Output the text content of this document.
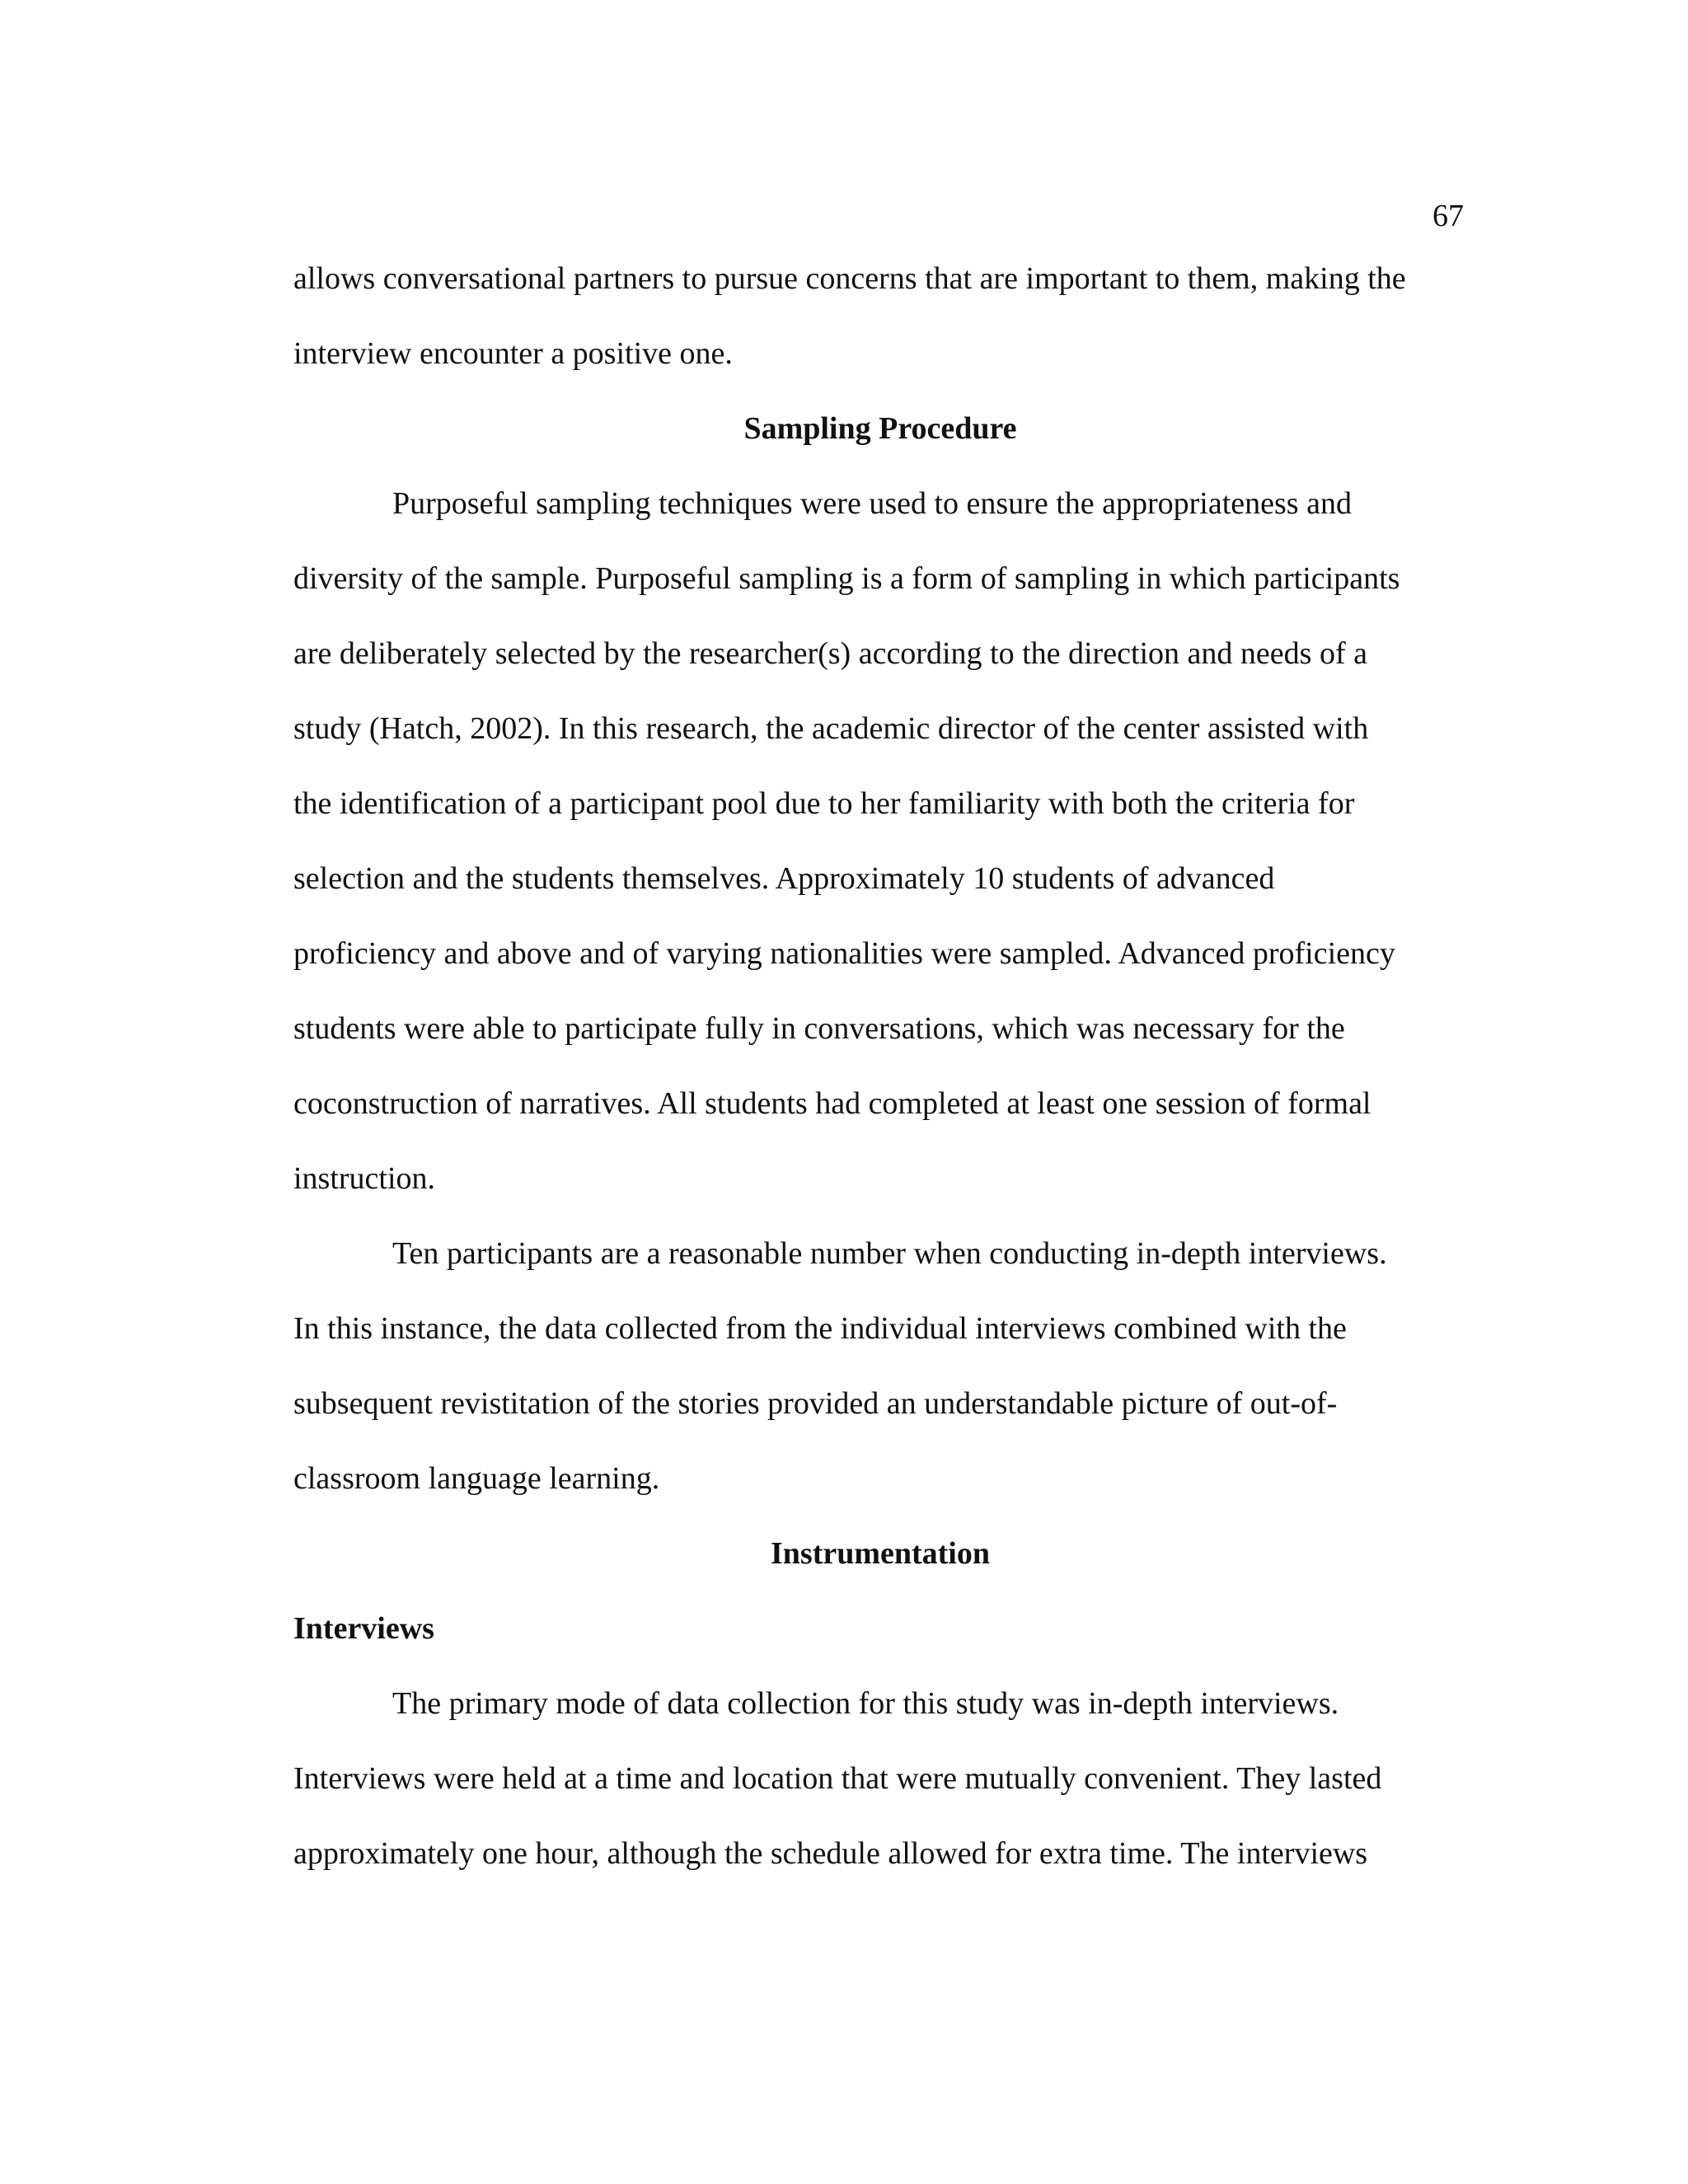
67
allows conversational partners to pursue concerns that are important to them, making the
interview encounter a positive one.
Sampling Procedure
Purposeful sampling techniques were used to ensure the appropriateness and
diversity of the sample. Purposeful sampling is a form of sampling in which participants
are deliberately selected by the researcher(s) according to the direction and needs of a
study (Hatch, 2002). In this research, the academic director of the center assisted with
the identification of a participant pool due to her familiarity with both the criteria for
selection and the students themselves. Approximately 10 students of advanced
proficiency and above and of varying nationalities were sampled. Advanced proficiency
students were able to participate fully in conversations, which was necessary for the
coconstruction of narratives. All students had completed at least one session of formal
instruction.
Ten participants are a reasonable number when conducting in-depth interviews.
In this instance, the data collected from the individual interviews combined with the
subsequent revistitation of the stories provided an understandable picture of out-of-
classroom language learning.
Instrumentation
Interviews
The primary mode of data collection for this study was in-depth interviews.
Interviews were held at a time and location that were mutually convenient. They lasted
approximately one hour, although the schedule allowed for extra time. The interviews
